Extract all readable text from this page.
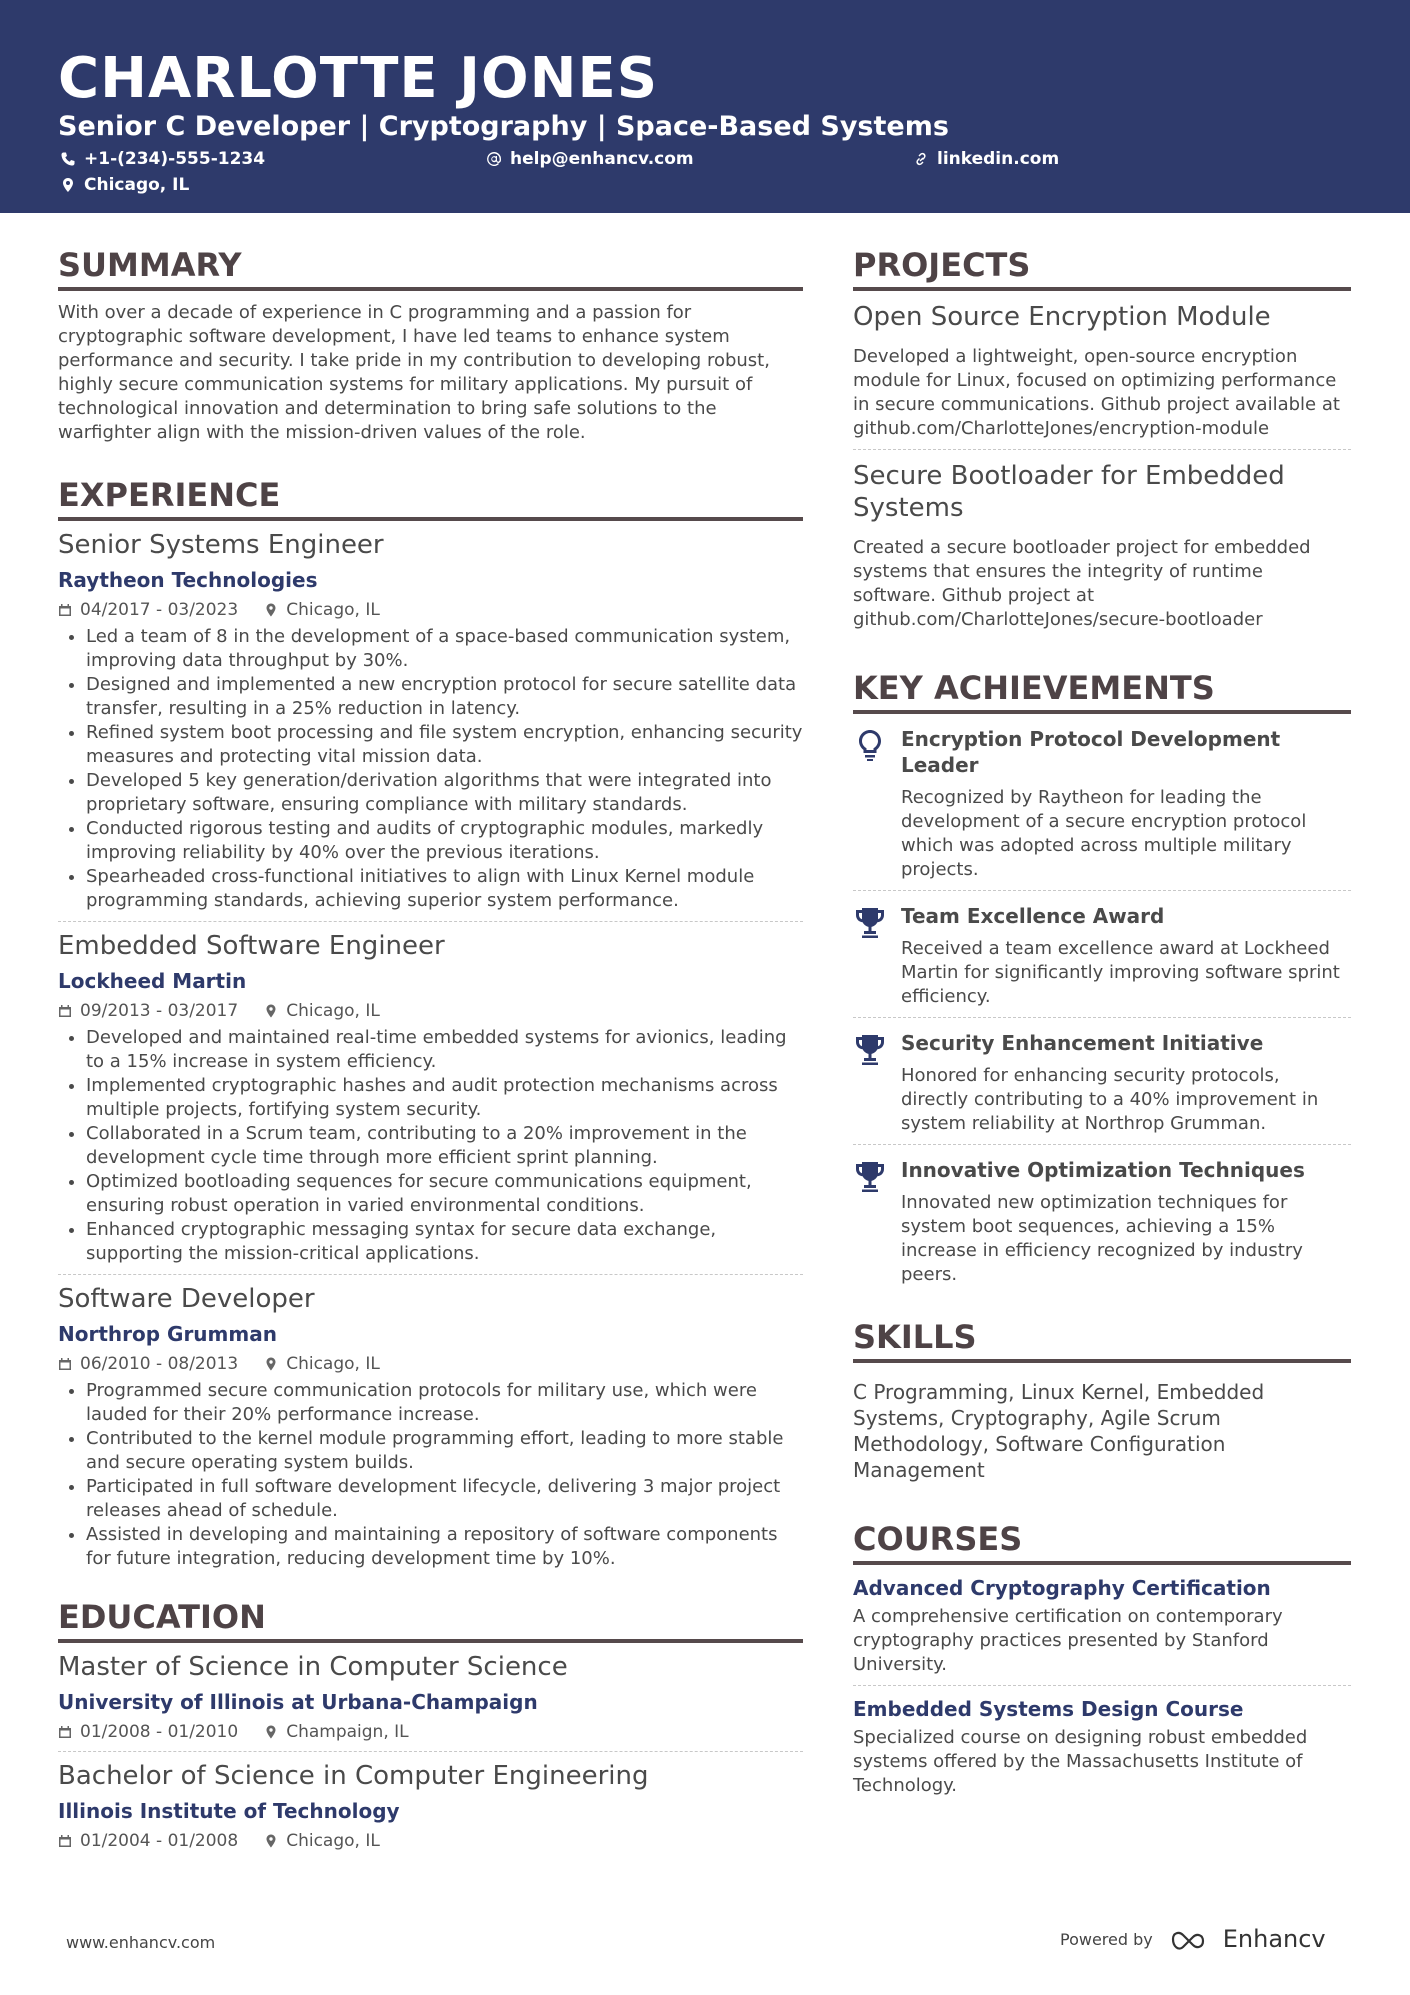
CHARLOTTE JONES
Senior C Developer | Cryptography | Space-Based Systems
+1-(234)-555-1234	help@enhancv.com	linkedin.com
Chicago, IL
SUMMARY

With over a decade of experience in C programming and a passion for cryptographic software development, I have led teams to enhance system performance and security. I take pride in my contribution to developing robust, highly secure communication systems for military applications. My pursuit of technological innovation and determination to bring safe solutions to the warfighter align with the mission-driven values of the role.

EXPERIENCE
Senior Systems Engineer
Raytheon Technologies
04/2017 - 03/2023	Chicago, IL
• Led a team of 8 in the development of a space-based communication system, improving data throughput by 30%.
• Designed and implemented a new encryption protocol for secure satellite data transfer, resulting in a 25% reduction in latency.
• Refined system boot processing and file system encryption, enhancing security measures and protecting vital mission data.
• Developed 5 key generation/derivation algorithms that were integrated into proprietary software, ensuring compliance with military standards.
• Conducted rigorous testing and audits of cryptographic modules, markedly improving reliability by 40% over the previous iterations.
• Spearheaded cross-functional initiatives to align with Linux Kernel module programming standards, achieving superior system performance.
Embedded Software Engineer
Lockheed Martin
09/2013 - 03/2017	Chicago, IL
• Developed and maintained real-time embedded systems for avionics, leading to a 15% increase in system efficiency.
• Implemented cryptographic hashes and audit protection mechanisms across multiple projects, fortifying system security.
• Collaborated in a Scrum team, contributing to a 20% improvement in the development cycle time through more efficient sprint planning.
• Optimized bootloading sequences for secure communications equipment, ensuring robust operation in varied environmental conditions.
• Enhanced cryptographic messaging syntax for secure data exchange, supporting the mission-critical applications.
Software Developer
Northrop Grumman
06/2010 - 08/2013	Chicago, IL
• Programmed secure communication protocols for military use, which were lauded for their 20% performance increase.
• Contributed to the kernel module programming effort, leading to more stable and secure operating system builds.
• Participated in full software development lifecycle, delivering 3 major project releases ahead of schedule.
• Assisted in developing and maintaining a repository of software components for future integration, reducing development time by 10%.
EDUCATION
Master of Science in Computer Science
University of Illinois at Urbana-Champaign
01/2008 - 01/2010	Champaign, IL
Bachelor of Science in Computer Engineering
Illinois Institute of Technology
01/2004 - 01/2008	Chicago, IL
PROJECTS
Open Source Encryption Module
Developed a lightweight, open-source encryption module for Linux, focused on optimizing performance in secure communications. Github project available at github.com/CharlotteJones/encryption-module
Secure Bootloader for Embedded Systems
Created a secure bootloader project for embedded systems that ensures the integrity of runtime software. Github project at github.com/CharlotteJones/secure-bootloader
KEY ACHIEVEMENTS
Encryption Protocol Development Leader
Recognized by Raytheon for leading the development of a secure encryption protocol which was adopted across multiple military projects.
Team Excellence Award
Received a team excellence award at Lockheed Martin for significantly improving software sprint efficiency.
Security Enhancement Initiative
Honored for enhancing security protocols, directly contributing to a 40% improvement in system reliability at Northrop Grumman.
Innovative Optimization Techniques
Innovated new optimization techniques for system boot sequences, achieving a 15% increase in efficiency recognized by industry peers.
SKILLS
C Programming, Linux Kernel, Embedded Systems, Cryptography, Agile Scrum Methodology, Software Configuration Management
COURSES
Advanced Cryptography Certification
A comprehensive certification on contemporary cryptography practices presented by Stanford University.
Embedded Systems Design Course
Specialized course on designing robust embedded systems offered by the Massachusetts Institute of Technology.
www.enhancv.com	Powered by	Enhancv
